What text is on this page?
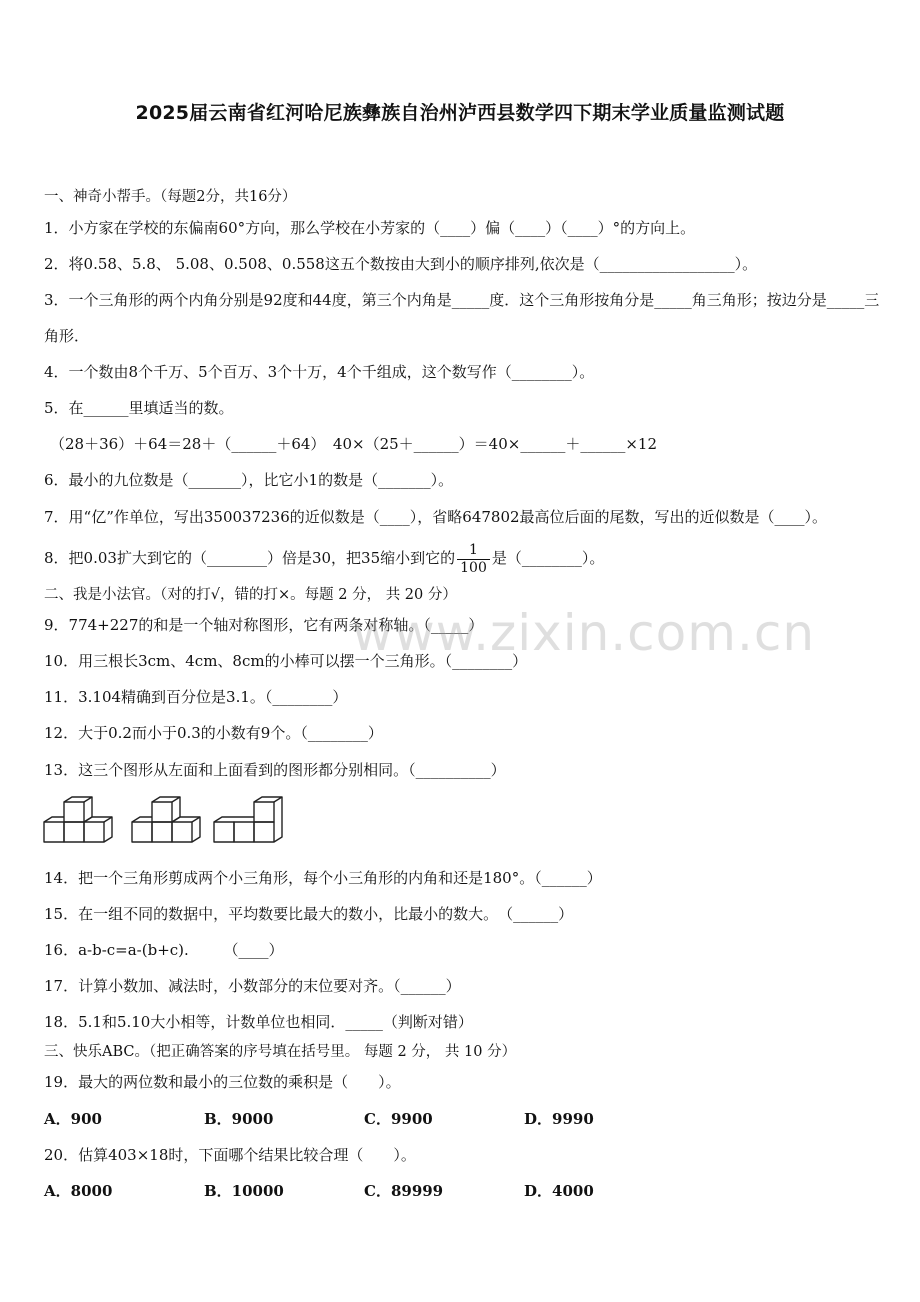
2025届云南省红河哈尼族彝族自治州泸西县数学四下期末学业质量监测试题
一、神奇小帮手。（每题2分，共16分）
1．小方家在学校的东偏南60°方向，那么学校在小芳家的（____）偏（____）（____）°的方向上。
2．将0.58、5.8、 5.08、0.508、0.558这五个数按由大到小的顺序排列,依次是（__________________）。
3．一个三角形的两个内角分别是92度和44度，第三个内角是_____度．这个三角形按角分是_____角三角形；按边分是_____三角形．
4．一个数由8个千万、5个百万、3个十万，4个千组成，这个数写作（________）。
5．在______里填适当的数。
（28＋36）＋64＝28＋（______＋64）　40×（25＋______）＝40×______＋______×12
6．最小的九位数是（_______），比它小1的数是（_______）。
7．用“亿”作单位，写出350037236的近似数是（____），省略647802最高位后面的尾数，写出的近似数是（____）。
8．把0.03扩大到它的（________）倍是30，把35缩小到它的 $\frac{1}{100}$ 是（________）。
二、我是小法官。（对的打√，错的打×。每题 2 分， 共 20 分）
9．774+227的和是一个轴对称图形，它有两条对称轴。（_____）
10．用三根长3cm、4cm、8cm的小棒可以摆一个三角形。（________）
11．3.104精确到百分位是3.1。（________）
12．大于0.2而小于0.3的小数有9个。（________）
13．这三个图形从左面和上面看到的图形都分别相同。（__________）
14．把一个三角形剪成两个小三角形，每个小三角形的内角和还是180°。（______）
15．在一组不同的数据中，平均数要比最大的数小，比最小的数大。　（______）
16．a-b-c=a-(b+c).　　 （____）
17．计算小数加、减法时，小数部分的末位要对齐。（______）
18．5.1和5.10大小相等，计数单位也相同．_____（判断对错）
三、快乐ABC。（把正确答案的序号填在括号里。 每题 2 分， 共 10 分）
19．最大的两位数和最小的三位数的乘积是（　　）。
A．900	B．9000	C．9900	D．9990
20．估算403×18时，下面哪个结果比较合理（　　）。
A．8000	B．10000	C．89999	D．4000
www.zixin.com.cn
